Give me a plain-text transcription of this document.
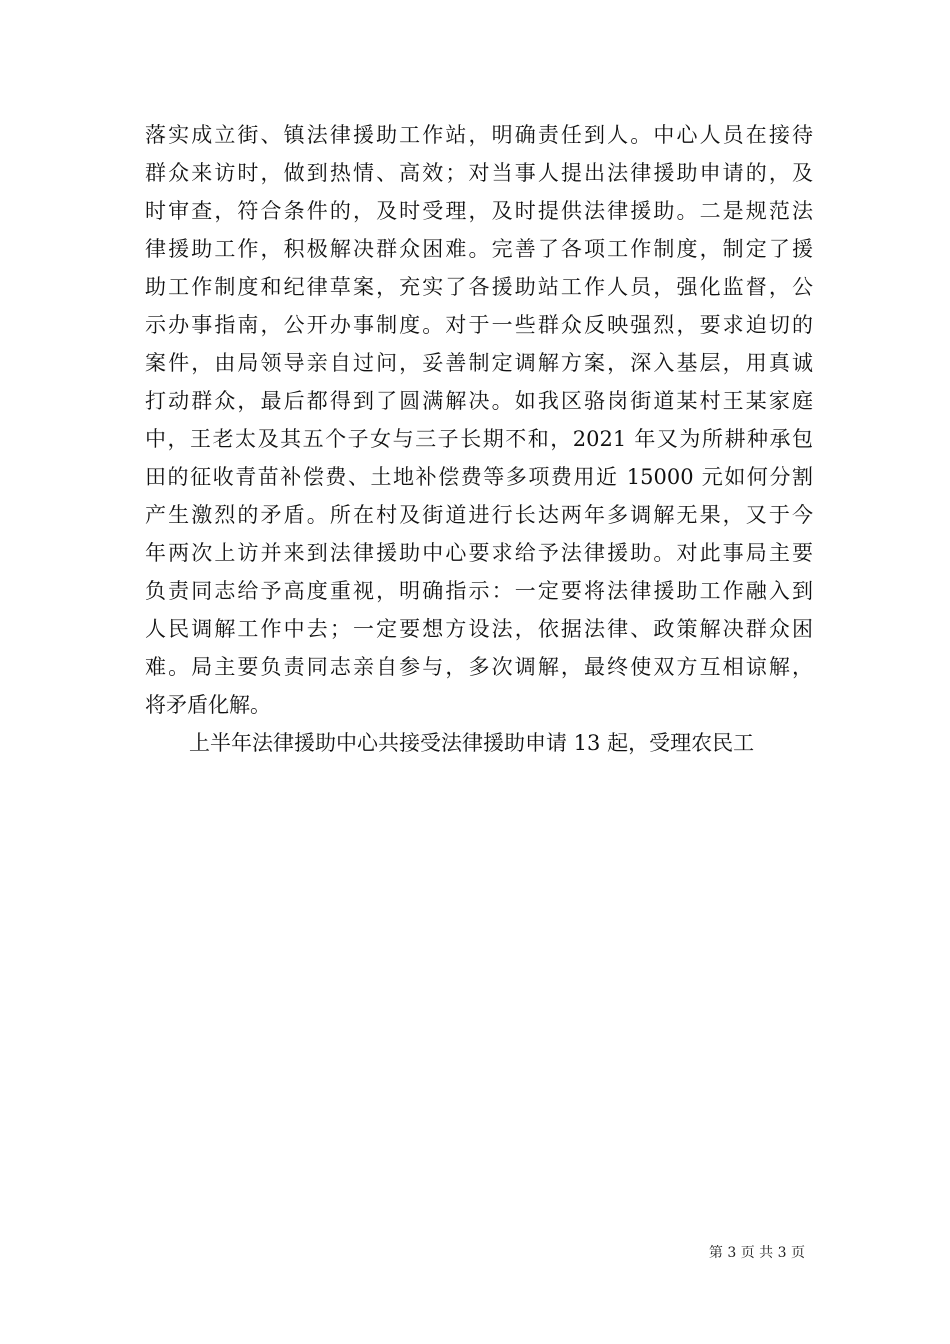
落实成立街、镇法律援助工作站，明确责任到人。中心人员在接待
群众来访时，做到热情、高效；对当事人提出法律援助申请的，及
时审查，符合条件的，及时受理，及时提供法律援助。二是规范法
律援助工作，积极解决群众困难。完善了各项工作制度，制定了援
助工作制度和纪律草案，充实了各援助站工作人员，强化监督，公
示办事指南，公开办事制度。对于一些群众反映强烈，要求迫切的
案件，由局领导亲自过问，妥善制定调解方案，深入基层，用真诚
打动群众，最后都得到了圆满解决。如我区骆岗街道某村王某家庭
中，王老太及其五个子女与三子长期不和，2021 年又为所耕种承包
田的征收青苗补偿费、土地补偿费等多项费用近 15000 元如何分割
产生激烈的矛盾。所在村及街道进行长达两年多调解无果，又于今
年两次上访并来到法律援助中心要求给予法律援助。对此事局主要
负责同志给予高度重视，明确指示：一定要将法律援助工作融入到
人民调解工作中去；一定要想方设法，依据法律、政策解决群众困
难。局主要负责同志亲自参与，多次调解，最终使双方互相谅解，
将矛盾化解。
上半年法律援助中心共接受法律援助申请 13 起，受理农民工
第 3 页 共 3 页
